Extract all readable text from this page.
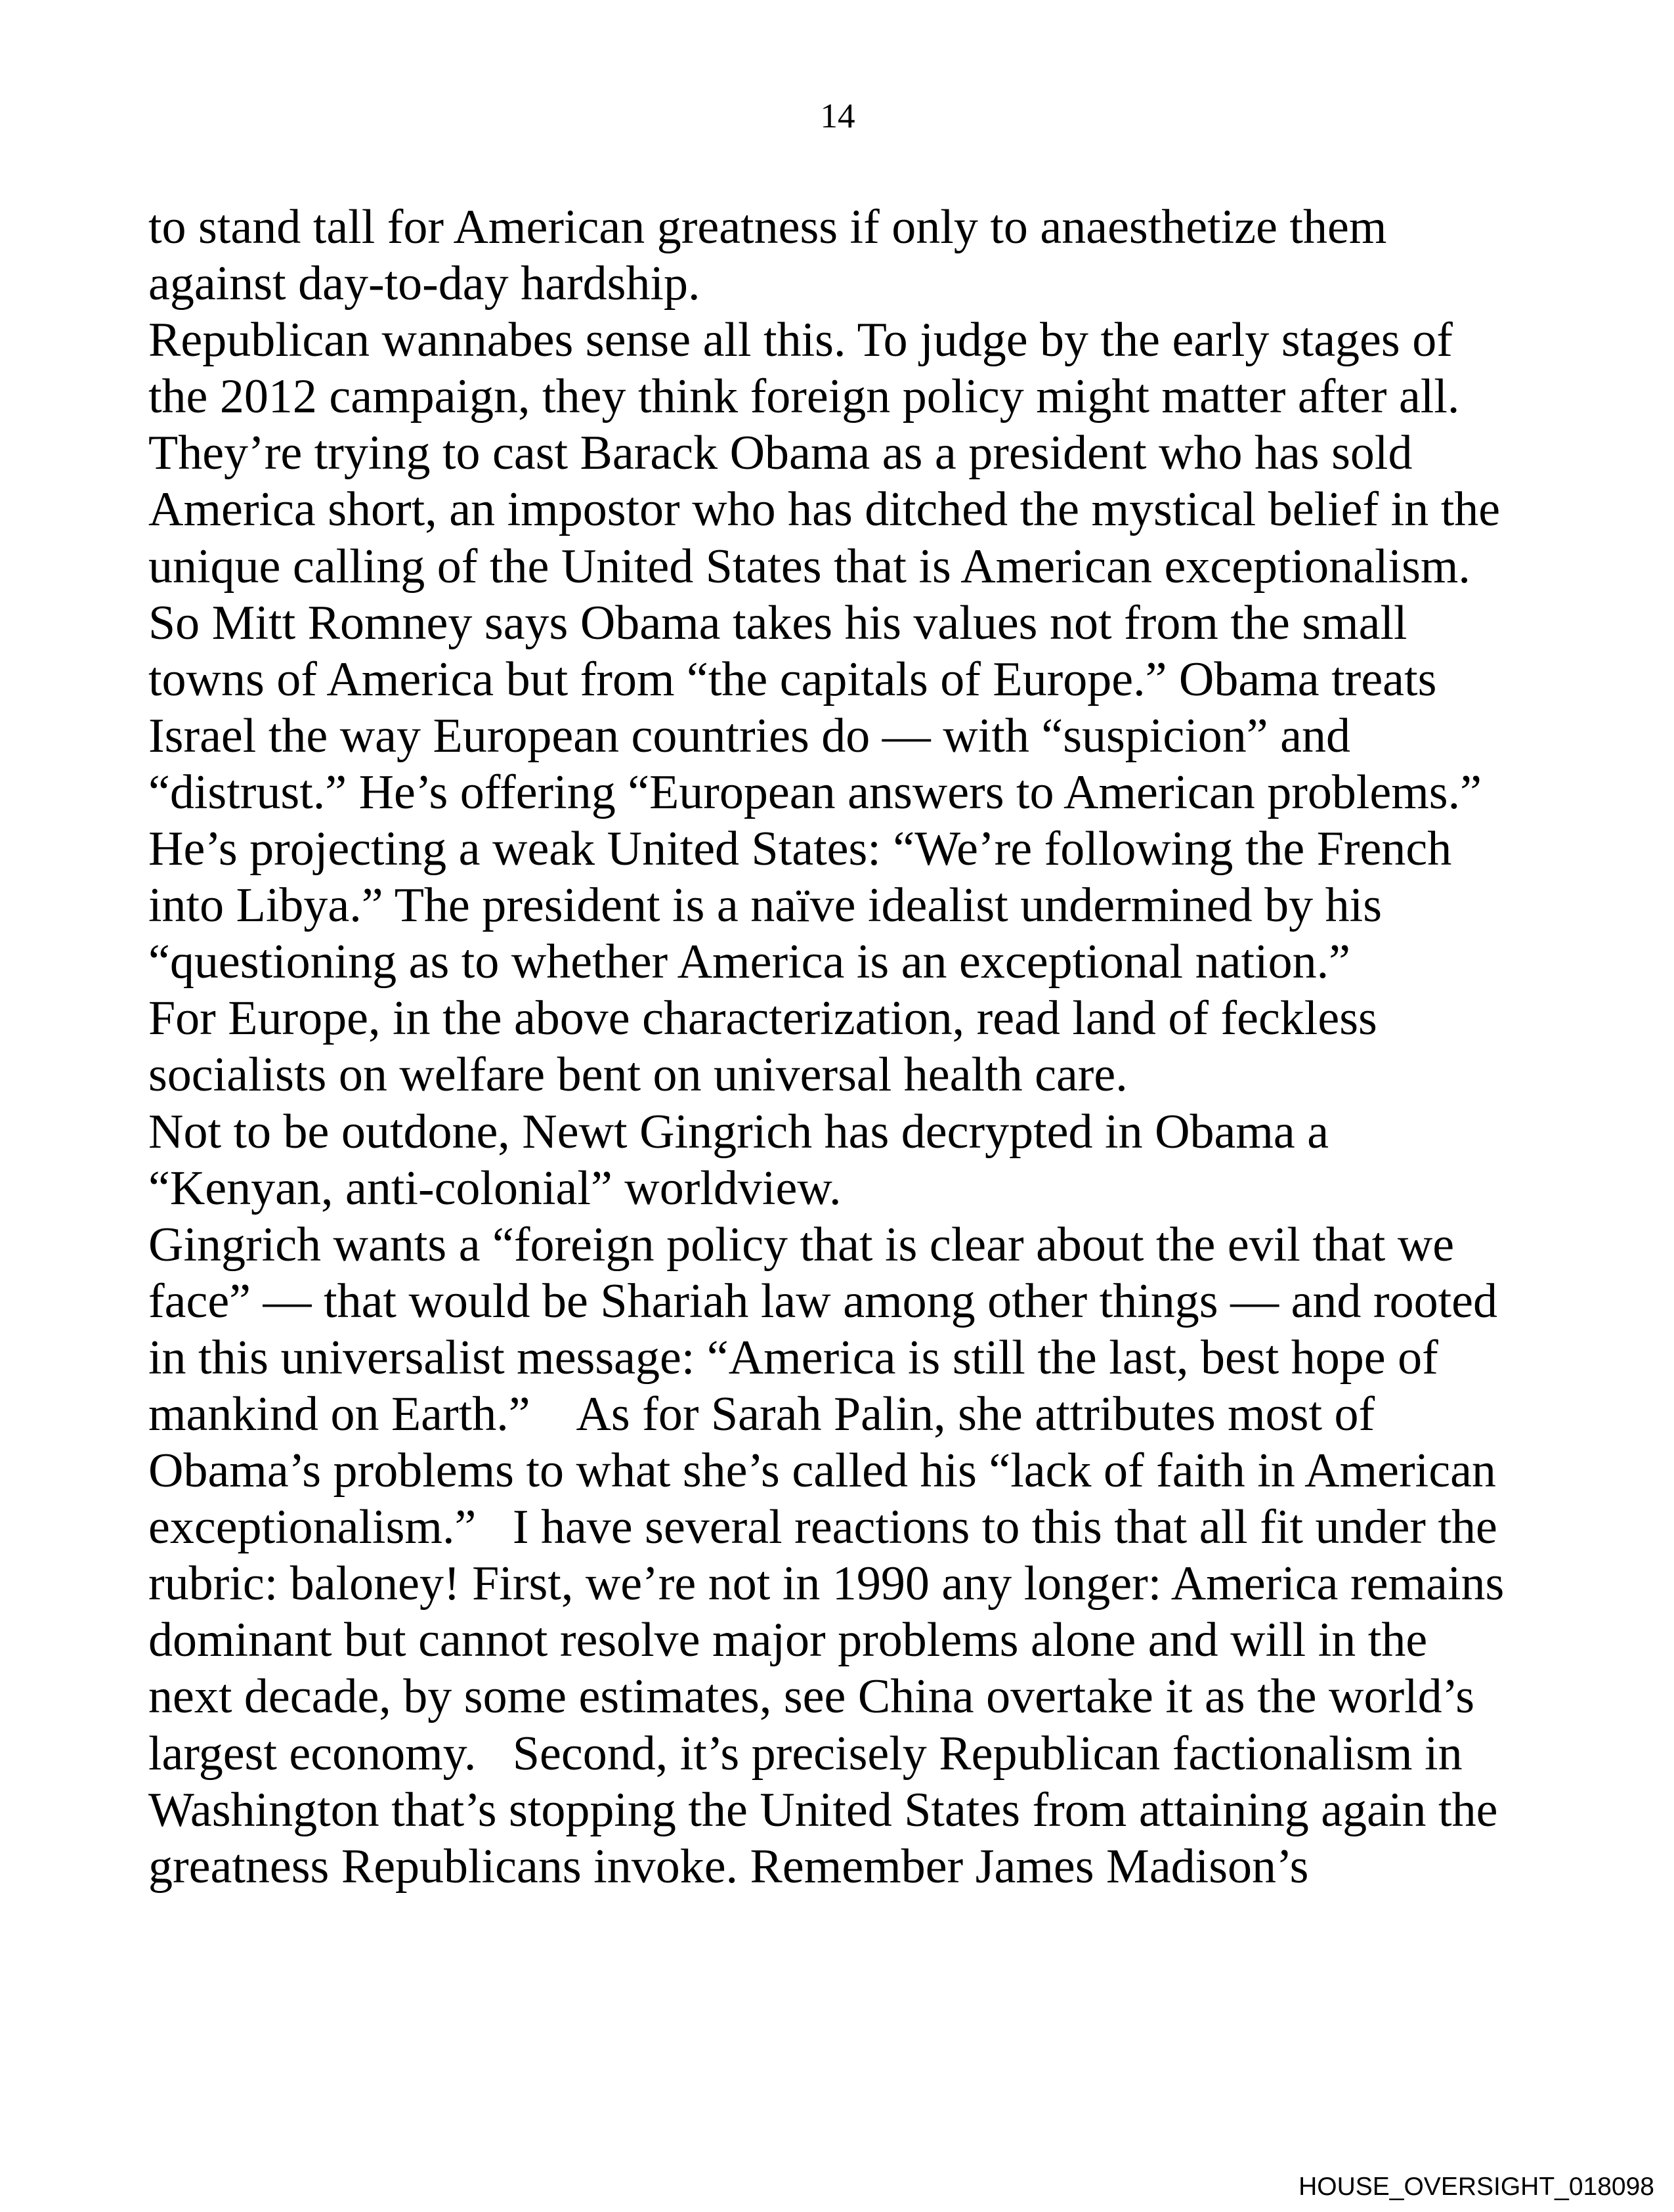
14
to stand tall for American greatness if only to anaesthetize them
against day-to-day hardship.
Republican wannabes sense all this. To judge by the early stages of
the 2012 campaign, they think foreign policy might matter after all.
They’re trying to cast Barack Obama as a president who has sold
America short, an impostor who has ditched the mystical belief in the
unique calling of the United States that is American exceptionalism.
So Mitt Romney says Obama takes his values not from the small
towns of America but from “the capitals of Europe.” Obama treats
Israel the way European countries do — with “suspicion” and
“distrust.” He’s offering “European answers to American problems.”
He’s projecting a weak United States: “We’re following the French
into Libya.” The president is a naïve idealist undermined by his
“questioning as to whether America is an exceptional nation.”
For Europe, in the above characterization, read land of feckless
socialists on welfare bent on universal health care.
Not to be outdone, Newt Gingrich has decrypted in Obama a
“Kenyan, anti-colonial” worldview.
Gingrich wants a “foreign policy that is clear about the evil that we
face” — that would be Shariah law among other things — and rooted
in this universalist message: “America is still the last, best hope of
mankind on Earth.”    As for Sarah Palin, she attributes most of
Obama’s problems to what she’s called his “lack of faith in American
exceptionalism.”   I have several reactions to this that all fit under the
rubric: baloney! First, we’re not in 1990 any longer: America remains
dominant but cannot resolve major problems alone and will in the
next decade, by some estimates, see China overtake it as the world’s
largest economy.   Second, it’s precisely Republican factionalism in
Washington that’s stopping the United States from attaining again the
greatness Republicans invoke. Remember James Madison’s
HOUSE_OVERSIGHT_018098
